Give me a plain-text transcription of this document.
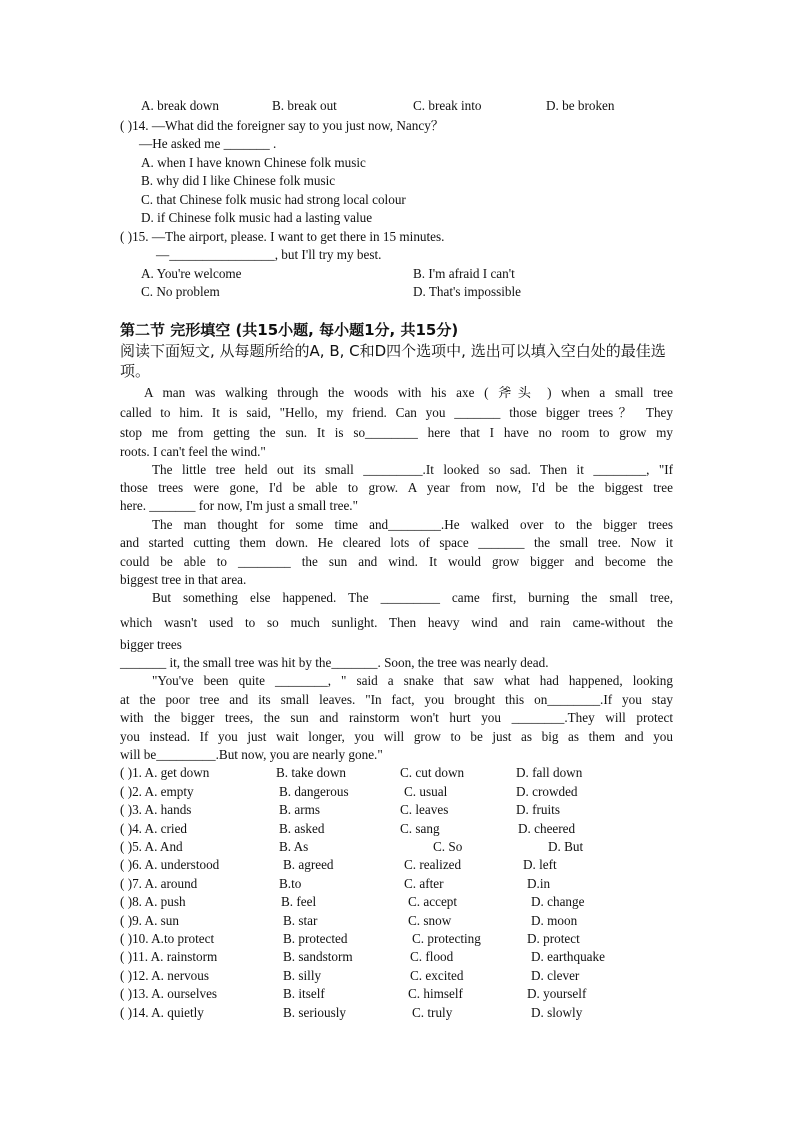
A. break down	B. break out	C. break into	D. be broken
( )14. —What did the foreigner say to you just now, Nancy？
—He asked me _______ .
A. when I have known Chinese folk music
B. why did I like Chinese folk music
C. that Chinese folk music had strong local colour
D. if Chinese folk music had a lasting value
( )15. —The airport, please. I want to get there in 15 minutes.
—________________, but I'll try my best.
A. You're welcome	B. I'm afraid I can't
C. No problem	D. That's impossible
第二节 完形填空 (共15小题, 每小题1分, 共15分)
阅读下面短文, 从每题所给的A, B, C和D四个选项中, 选出可以填入空白处的最佳选项。
A man was walking through the woods with his axe ( 斧头 ) when a small tree
called to him. It is said, "Hello, my friend. Can you _______ those bigger trees？ They
stop me from getting the sun. It is so________ here that I have no room to grow my
roots. I can't feel the wind."
The little tree held out its small _________.It looked so sad. Then it ________, "If
those trees were gone, I'd be able to grow. A year from now, I'd be the biggest tree
here. _______ for now, I'm just a small tree."
The man thought for some time and________.He walked over to the bigger trees
and started cutting them down. He cleared lots of space _______ the small tree. Now it
could be able to ________ the sun and wind. It would grow bigger and become the
biggest tree in that area.
But something else happened. The _________ came first, burning the small tree,
which wasn't used to so much sunlight. Then heavy wind and rain came‐without the
bigger trees
_______ it, the small tree was hit by the_______. Soon, the tree was nearly dead.
"You've been quite ________, " said a snake that saw what had happened, looking
at the poor tree and its small leaves. "In fact, you brought this on________.If you stay
with the bigger trees, the sun and rainstorm won't hurt you ________.They will protect
you instead. If you just wait longer, you will grow to be just as big as them and you
will be_________.But now, you are nearly gone."
( )1. A. get down	B. take down	C. cut down	D. fall down
( )2. A. empty	B. dangerous	C. usual	D. crowded
( )3. A. hands	B. arms	C. leaves	D. fruits
( )4. A. cried	B. asked	C. sang	D. cheered
( )5. A. And	B. As	C. So	D. But
( )6. A. understood	B. agreed	C. realized	D. left
( )7. A. around	B.to	C. after	D.in
( )8. A. push	B. feel	C. accept	D. change
( )9. A. sun	B. star	C. snow	D. moon
( )10. A.to protect	B. protected	C. protecting	D. protect
( )11. A. rainstorm	B. sandstorm	C. flood	D. earthquake
( )12. A. nervous	B. silly	C. excited	D. clever
( )13. A. ourselves	B. itself	C. himself	D. yourself
( )14. A. quietly	B. seriously	C. truly	D. slowly
